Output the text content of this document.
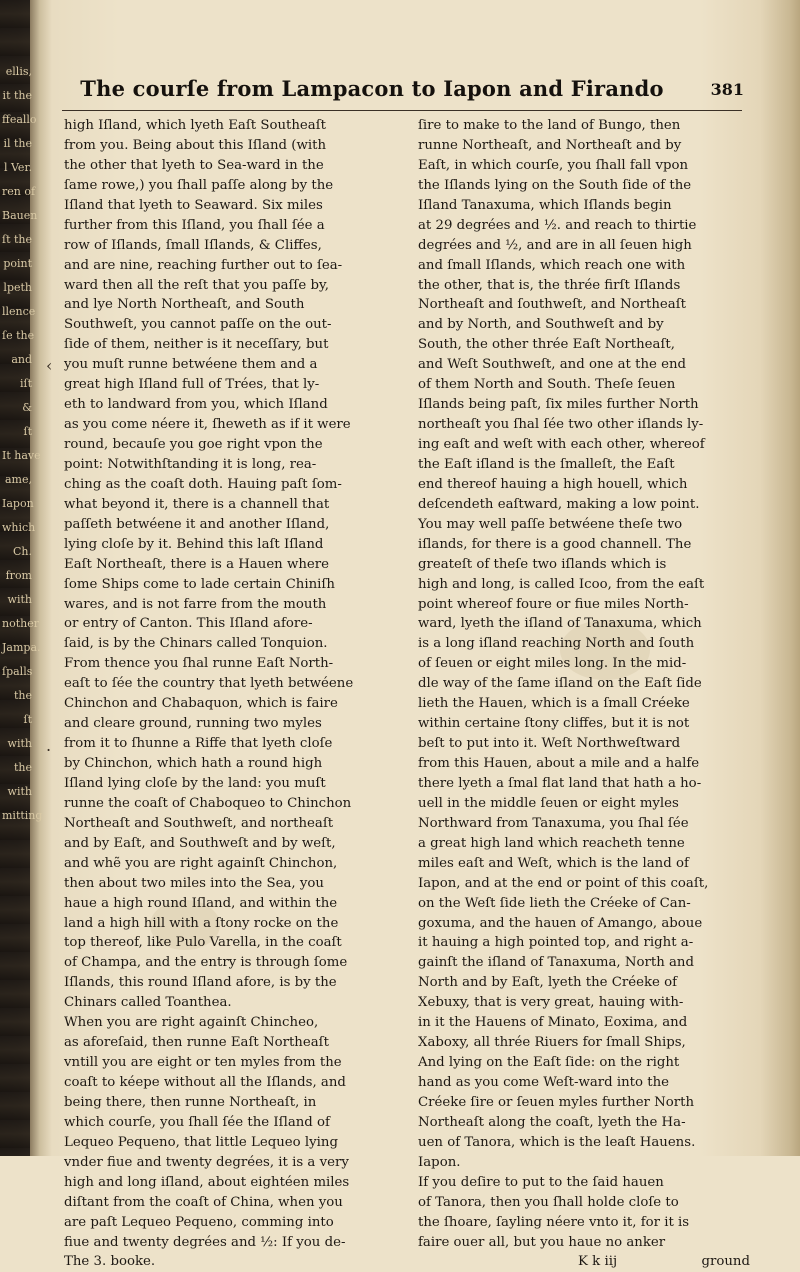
ellis,
it the
ffeallo
il the
l Ver.
ren of
Bauen
ſt the
point
lpeth
llence
ſe the
and
iſt
&
ſt
It have
ame,
Iapon
which
Ch.
from
with
nother
Jampa.
ſpalls
the
ſt
with
the
with
mitting
The courſe from Lampacon to Iapon and Firando	381
‹
.
high Iſland, which lyeth Eaſt Southeaſt
from you. Being about this Iſland (with
the other that lyeth to Sea-ward in the
ſame rowe,) you ſhall paſſe along by the
Iſland that lyeth to Seaward. Six miles
further from this Iſland, you ſhall ſée a
row of Iſlands, ſmall Iſlands, & Cliffes,
and are nine, reaching further out to ſea-
ward then all the reſt that you paſſe by,
and lye North Northeaſt, and South
Southweſt, you cannot paſſe on the out-
ſide of them, neither is it neceſſary, but
you muſt runne betwéene them and a
great high Iſland full of Trées, that ly-
eth to landward from you, which Iſland
as you come néere it, ſheweth as if it were
round, becauſe you goe right vpon the
point: Notwithſtanding it is long, rea-
ching as the coaſt doth. Hauing paſt ſom-
what beyond it, there is a channell that
paſſeth betwéene it and another Iſland,
lying cloſe by it. Behind this laſt Iſland
Eaſt Northeaſt, there is a Hauen where
ſome Ships come to lade certain Chiniſh
wares, and is not farre from the mouth
or entry of Canton. This Iſland afore-
ſaid, is by the Chinars called Tonquion.
From thence you ſhal runne Eaſt North-
eaſt to ſée the country that lyeth betwéene
Chinchon and Chabaquon, which is faire
and cleare ground, running two myles
from it to ſhunne a Riffe that lyeth cloſe
by Chinchon, which hath a round high
Iſland lying cloſe by the land: you muſt
runne the coaſt of Chaboqueo to Chinchon
Northeaſt and Southweſt, and northeaſt
and by Eaſt, and Southweſt and by weſt,
and whẽ you are right againſt Chinchon,
then about two miles into the Sea, you
haue a high round Iſland, and within the
land a high hill with a ſtony rocke on the
top thereof, like Pulo Varella, in the coaſt
of Champa, and the entry is through ſome
Iſlands, this round Iſland afore, is by the
Chinars called Toanthea.
When you are right againſt Chincheo,
as aforeſaid, then runne Eaſt Northeaſt
vntill you are eight or ten myles from the
coaſt to kéepe without all the Iſlands, and
being there, then runne Northeaſt, in
which courſe, you ſhall ſée the Iſland of
Lequeo Pequeno, that little Lequeo lying
vnder fiue and twenty degrées, it is a very
high and long iſland, about eightéen miles
diſtant from the coaſt of China, when you
are paſt Lequeo Pequeno, comming into
fiue and twenty degrées and ½: If you de-
The 3. booke.
ſire to make to the land of Bungo, then
runne Northeaſt, and Northeaſt and by
Eaſt, in which courſe, you ſhall fall vpon
the Iſlands lying on the South ſide of the
Iſland Tanaxuma, which Iſlands begin
at 29 degrées and ½. and reach to thirtie
degrées and ½, and are in all ſeuen high
and ſmall Iſlands, which reach one with
the other, that is, the thrée firſt Iſlands
Northeaſt and ſouthweſt, and Northeaſt
and by North, and Southweſt and by
South, the other thrée Eaſt Northeaſt,
and Weſt Southweſt, and one at the end
of them North and South. Theſe ſeuen
Iſlands being paſt, ſix miles further North
northeaſt you ſhal ſée two other iſlands ly-
ing eaſt and weſt with each other, whereof
the Eaſt iſland is the ſmalleſt, the Eaſt
end thereof hauing a high houell, which
deſcendeth eaſtward, making a low point.
You may well paſſe betwéene theſe two
iſlands, for there is a good channell. The
greateſt of theſe two iſlands which is
high and long, is called Icoo, from the eaſt
point whereof foure or fiue miles North-
ward, lyeth the iſland of Tanaxuma, which
is a long iſland reaching North and ſouth
of ſeuen or eight miles long. In the mid-
dle way of the ſame iſland on the Eaſt ſide
lieth the Hauen, which is a ſmall Créeke
within certaine ſtony cliffes, but it is not
beſt to put into it. Weſt Northweſtward
from this Hauen, about a mile and a halfe
there lyeth a ſmal flat land that hath a ho-
uell in the middle ſeuen or eight myles
Northward from Tanaxuma, you ſhal ſée
a great high land which reacheth tenne
miles eaſt and Weſt, which is the land of
Iapon, and at the end or point of this coaſt,
on the Weſt ſide lieth the Créeke of Can-
goxuma, and the hauen of Amango, aboue
it hauing a high pointed top, and right a-
gainſt the iſland of Tanaxuma, North and
North and by Eaſt, lyeth the Créeke of
Xebuxy, that is very great, hauing with-
in it the Hauens of Minato, Eoxima, and
Xaboxy, all thrée Riuers for ſmall Ships,
And lying on the Eaſt ſide: on the right
hand as you come Weſt-ward into the
Créeke ſire or ſeuen myles further North
Northeaſt along the coaſt, lyeth the Ha-
uen of Tanora, which is the leaſt Hauens.
Iapon.
If you deſire to put to the ſaid hauen
of Tanora, then you ſhall holde cloſe to
the ſhoare, ſayling néere vnto it, for it is
faire ouer all, but you haue no anker
K k iij	ground
